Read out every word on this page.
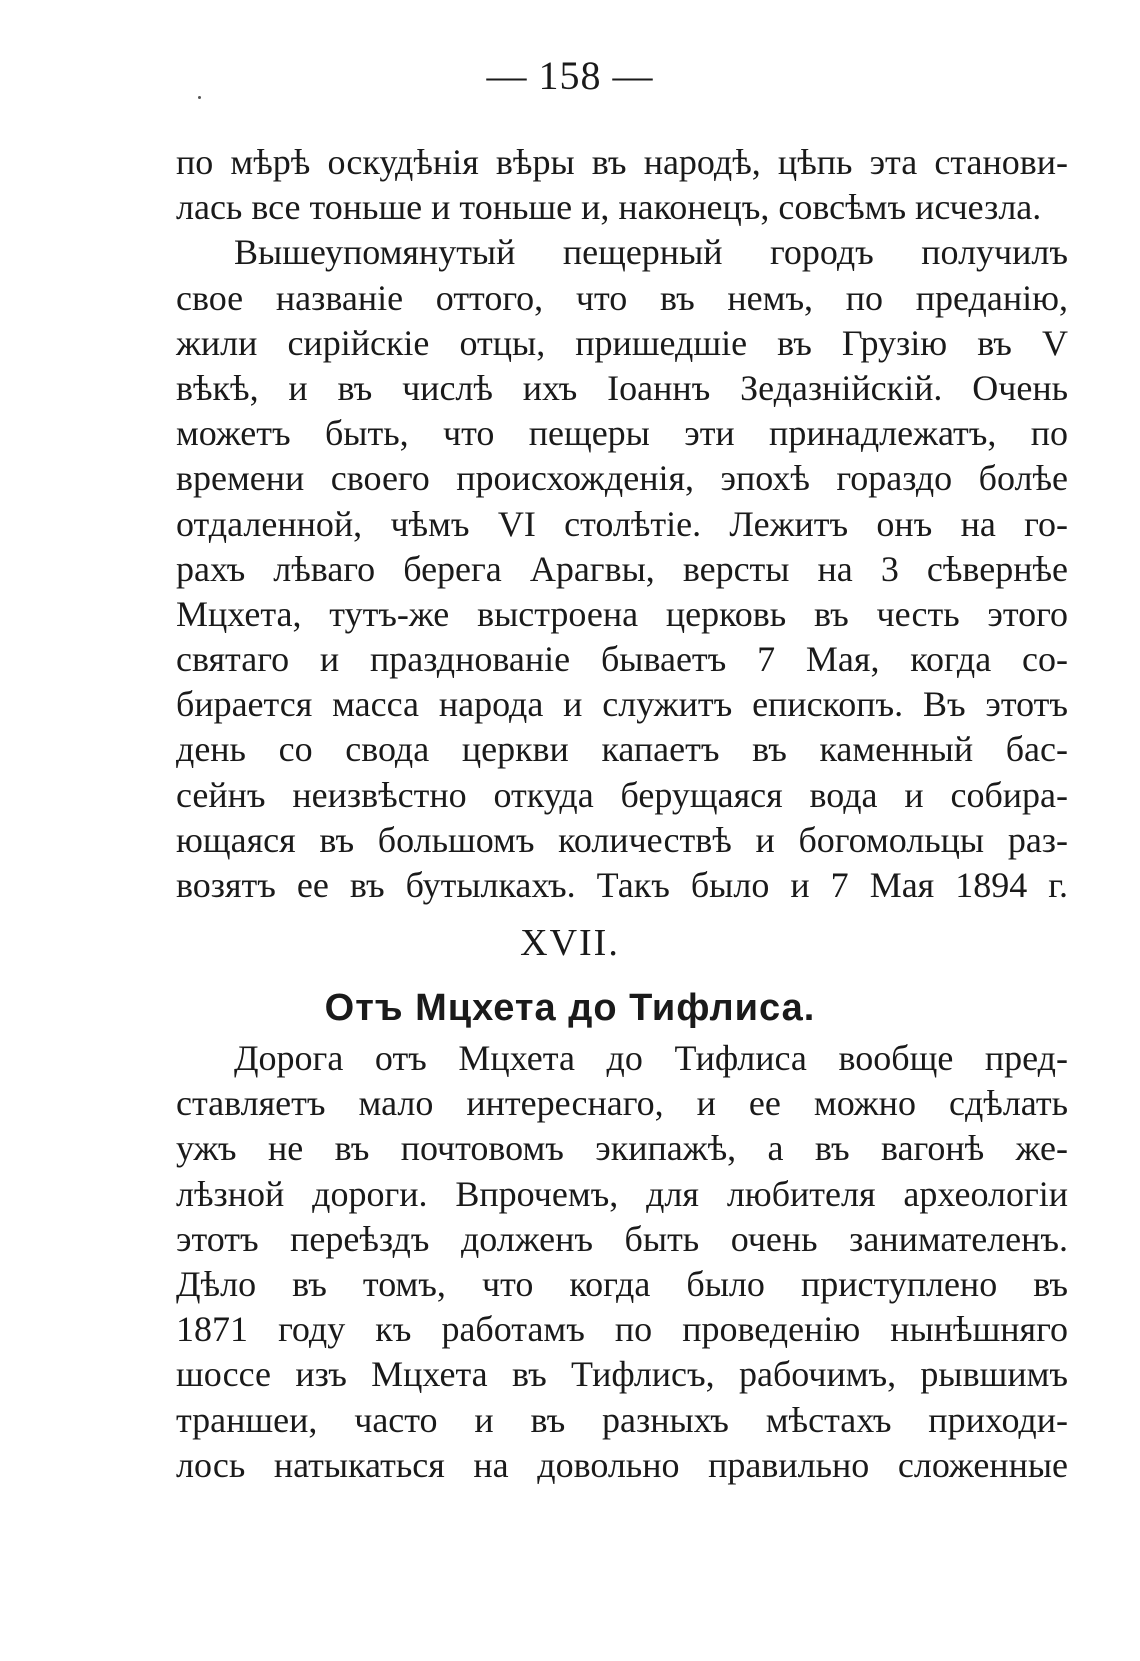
— 158 —
по мѣрѣ оскудѣнія вѣры въ народѣ, цѣпь эта станови-
лась все тоньше и тоньше и, наконецъ, совсѣмъ исчезла.
Вышеупомянутый пещерный городъ получилъ
свое названіе оттого, что въ немъ, по преданію,
жили сирійскіе отцы, пришедшіе въ Грузію въ V
вѣкѣ, и въ числѣ ихъ Іоаннъ Зедазнійскій. Очень
можетъ быть, что пещеры эти принадлежатъ, по
времени своего происхожденія, эпохѣ гораздо болѣе
отдаленной, чѣмъ VI столѣтіе. Лежитъ онъ на го-
рахъ лѣваго берега Арагвы, версты на 3 сѣвернѣе
Мцхета, тутъ-же выстроена церковь въ честь этого
святаго и празднованіе бываетъ 7 Мая, когда со-
бирается масса народа и служитъ епископъ. Въ этотъ
день со свода церкви капаетъ въ каменный бас-
сейнъ неизвѣстно откуда берущаяся вода и собира-
ющаяся въ большомъ количествѣ и богомольцы раз-
возятъ ее въ бутылкахъ. Такъ было и 7 Мая 1894 г.
XVII.
Отъ Мцхета до Тифлиса.
Дорога отъ Мцхета до Тифлиса вообще пред-
ставляетъ мало интереснаго, и ее можно сдѣлать
ужъ не въ почтовомъ экипажѣ, а въ вагонѣ же-
лѣзной дороги. Впрочемъ, для любителя археологіи
этотъ переѣздъ долженъ быть очень занимателенъ.
Дѣло въ томъ, что когда было приступлено въ
1871 году къ работамъ по проведенію нынѣшняго
шоссе изъ Мцхета въ Тифлисъ, рабочимъ, рывшимъ
траншеи, часто и въ разныхъ мѣстахъ приходи-
лось натыкаться на довольно правильно сложенные
